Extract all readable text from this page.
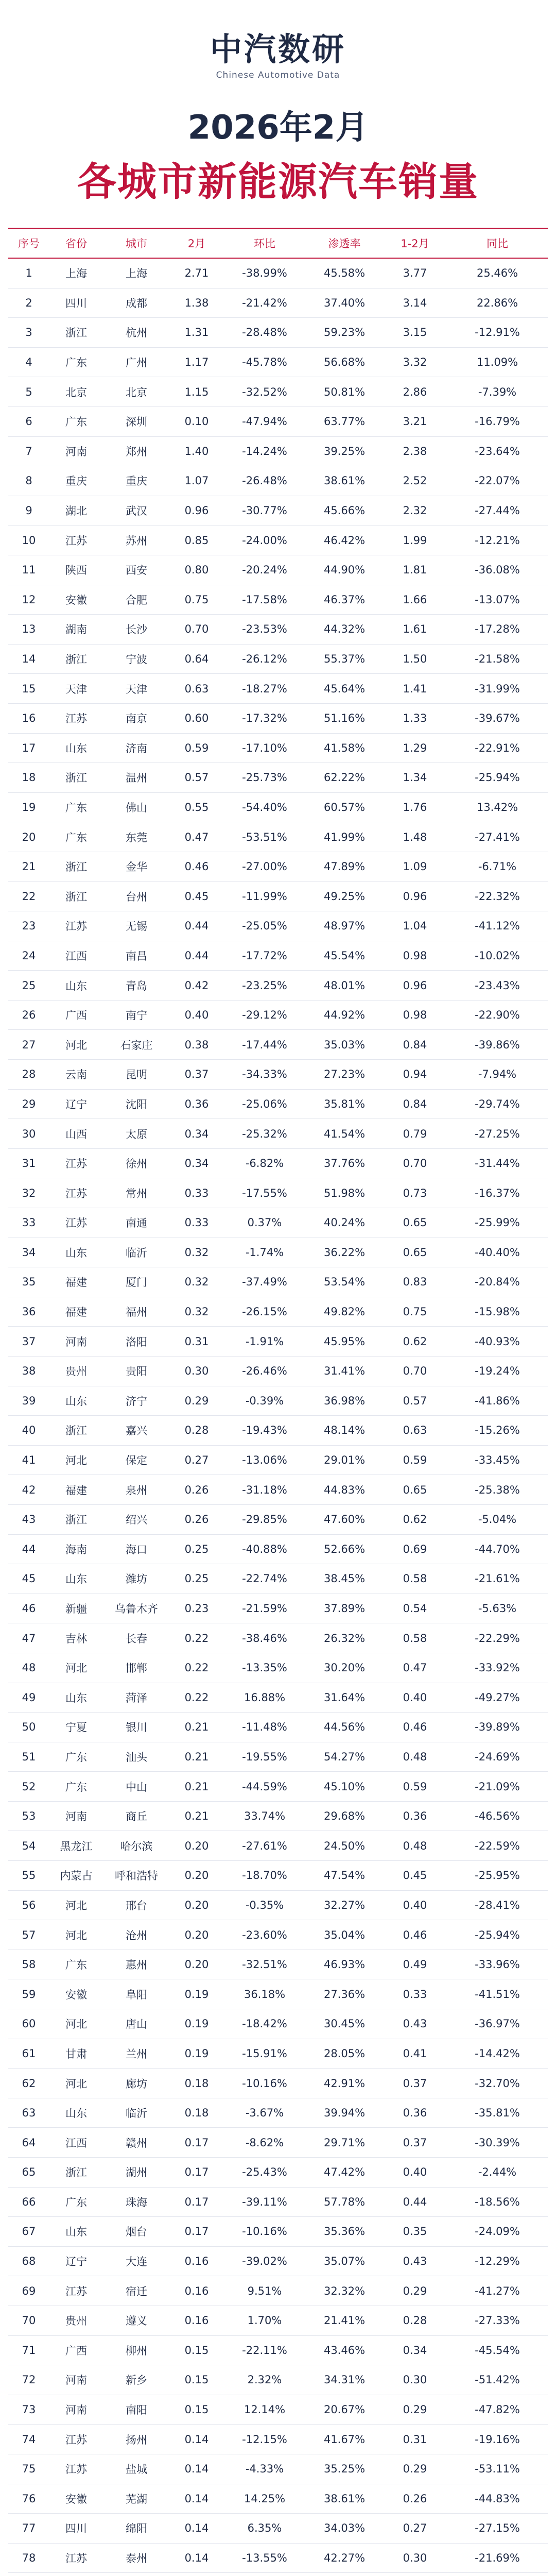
中汽数研
Chinese Automotive Data
2026年2月
各城市新能源汽车销量
序号	省份	城市	2月	环比	渗透率	1-2月	同比
1	上海	上海	2.71	-38.99%	45.58%	3.77	25.46%
2	四川	成都	1.38	-21.42%	37.40%	3.14	22.86%
3	浙江	杭州	1.31	-28.48%	59.23%	3.15	-12.91%
4	广东	广州	1.17	-45.78%	56.68%	3.32	11.09%
5	北京	北京	1.15	-32.52%	50.81%	2.86	-7.39%
6	广东	深圳	0.10	-47.94%	63.77%	3.21	-16.79%
7	河南	郑州	1.40	-14.24%	39.25%	2.38	-23.64%
8	重庆	重庆	1.07	-26.48%	38.61%	2.52	-22.07%
9	湖北	武汉	0.96	-30.77%	45.66%	2.32	-27.44%
10	江苏	苏州	0.85	-24.00%	46.42%	1.99	-12.21%
11	陕西	西安	0.80	-20.24%	44.90%	1.81	-36.08%
12	安徽	合肥	0.75	-17.58%	46.37%	1.66	-13.07%
13	湖南	长沙	0.70	-23.53%	44.32%	1.61	-17.28%
14	浙江	宁波	0.64	-26.12%	55.37%	1.50	-21.58%
15	天津	天津	0.63	-18.27%	45.64%	1.41	-31.99%
16	江苏	南京	0.60	-17.32%	51.16%	1.33	-39.67%
17	山东	济南	0.59	-17.10%	41.58%	1.29	-22.91%
18	浙江	温州	0.57	-25.73%	62.22%	1.34	-25.94%
19	广东	佛山	0.55	-54.40%	60.57%	1.76	13.42%
20	广东	东莞	0.47	-53.51%	41.99%	1.48	-27.41%
21	浙江	金华	0.46	-27.00%	47.89%	1.09	-6.71%
22	浙江	台州	0.45	-11.99%	49.25%	0.96	-22.32%
23	江苏	无锡	0.44	-25.05%	48.97%	1.04	-41.12%
24	江西	南昌	0.44	-17.72%	45.54%	0.98	-10.02%
25	山东	青岛	0.42	-23.25%	48.01%	0.96	-23.43%
26	广西	南宁	0.40	-29.12%	44.92%	0.98	-22.90%
27	河北	石家庄	0.38	-17.44%	35.03%	0.84	-39.86%
28	云南	昆明	0.37	-34.33%	27.23%	0.94	-7.94%
29	辽宁	沈阳	0.36	-25.06%	35.81%	0.84	-29.74%
30	山西	太原	0.34	-25.32%	41.54%	0.79	-27.25%
31	江苏	徐州	0.34	-6.82%	37.76%	0.70	-31.44%
32	江苏	常州	0.33	-17.55%	51.98%	0.73	-16.37%
33	江苏	南通	0.33	0.37%	40.24%	0.65	-25.99%
34	山东	临沂	0.32	-1.74%	36.22%	0.65	-40.40%
35	福建	厦门	0.32	-37.49%	53.54%	0.83	-20.84%
36	福建	福州	0.32	-26.15%	49.82%	0.75	-15.98%
37	河南	洛阳	0.31	-1.91%	45.95%	0.62	-40.93%
38	贵州	贵阳	0.30	-26.46%	31.41%	0.70	-19.24%
39	山东	济宁	0.29	-0.39%	36.98%	0.57	-41.86%
40	浙江	嘉兴	0.28	-19.43%	48.14%	0.63	-15.26%
41	河北	保定	0.27	-13.06%	29.01%	0.59	-33.45%
42	福建	泉州	0.26	-31.18%	44.83%	0.65	-25.38%
43	浙江	绍兴	0.26	-29.85%	47.60%	0.62	-5.04%
44	海南	海口	0.25	-40.88%	52.66%	0.69	-44.70%
45	山东	潍坊	0.25	-22.74%	38.45%	0.58	-21.61%
46	新疆	乌鲁木齐	0.23	-21.59%	37.89%	0.54	-5.63%
47	吉林	长春	0.22	-38.46%	26.32%	0.58	-22.29%
48	河北	邯郸	0.22	-13.35%	30.20%	0.47	-33.92%
49	山东	菏泽	0.22	16.88%	31.64%	0.40	-49.27%
50	宁夏	银川	0.21	-11.48%	44.56%	0.46	-39.89%
51	广东	汕头	0.21	-19.55%	54.27%	0.48	-24.69%
52	广东	中山	0.21	-44.59%	45.10%	0.59	-21.09%
53	河南	商丘	0.21	33.74%	29.68%	0.36	-46.56%
54	黑龙江	哈尔滨	0.20	-27.61%	24.50%	0.48	-22.59%
55	内蒙古	呼和浩特	0.20	-18.70%	47.54%	0.45	-25.95%
56	河北	邢台	0.20	-0.35%	32.27%	0.40	-28.41%
57	河北	沧州	0.20	-23.60%	35.04%	0.46	-25.94%
58	广东	惠州	0.20	-32.51%	46.93%	0.49	-33.96%
59	安徽	阜阳	0.19	36.18%	27.36%	0.33	-41.51%
60	河北	唐山	0.19	-18.42%	30.45%	0.43	-36.97%
61	甘肃	兰州	0.19	-15.91%	28.05%	0.41	-14.42%
62	河北	廊坊	0.18	-10.16%	42.91%	0.37	-32.70%
63	山东	临沂	0.18	-3.67%	39.94%	0.36	-35.81%
64	江西	赣州	0.17	-8.62%	29.71%	0.37	-30.39%
65	浙江	湖州	0.17	-25.43%	47.42%	0.40	-2.44%
66	广东	珠海	0.17	-39.11%	57.78%	0.44	-18.56%
67	山东	烟台	0.17	-10.16%	35.36%	0.35	-24.09%
68	辽宁	大连	0.16	-39.02%	35.07%	0.43	-12.29%
69	江苏	宿迁	0.16	9.51%	32.32%	0.29	-41.27%
70	贵州	遵义	0.16	1.70%	21.41%	0.28	-27.33%
71	广西	柳州	0.15	-22.11%	43.46%	0.34	-45.54%
72	河南	新乡	0.15	2.32%	34.31%	0.30	-51.42%
73	河南	南阳	0.15	12.14%	20.67%	0.29	-47.82%
74	江苏	扬州	0.14	-12.15%	41.67%	0.31	-19.16%
75	江苏	盐城	0.14	-4.33%	35.25%	0.29	-53.11%
76	安徽	芜湖	0.14	14.25%	38.61%	0.26	-44.83%
77	四川	绵阳	0.14	6.35%	34.03%	0.27	-27.15%
78	江苏	泰州	0.14	-13.55%	42.27%	0.30	-21.69%
